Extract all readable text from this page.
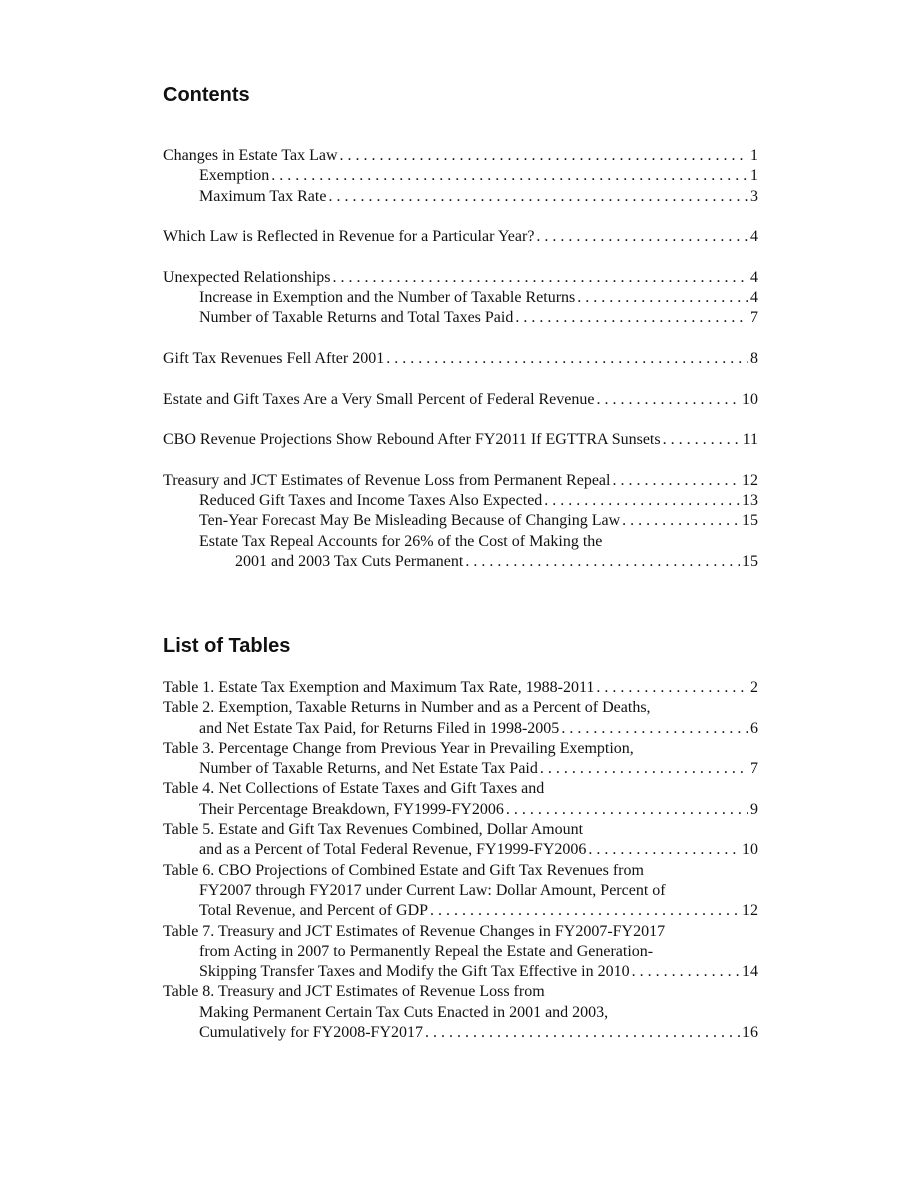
Contents
Changes in Estate Tax Law . . .	1
Exemption . . .	1
Maximum Tax Rate . . .	3
Which Law is Reflected in Revenue for a Particular Year? . . .	4
Unexpected Relationships . . .	4
Increase in Exemption and the Number of Taxable Returns . . .	4
Number of Taxable Returns and Total Taxes Paid . . .	7
Gift Tax Revenues Fell After 2001 . . .	8
Estate and Gift Taxes Are a Very Small Percent of Federal Revenue . . .	10
CBO Revenue Projections Show Rebound After FY2011 If EGTTRA Sunsets . . .	11
Treasury and JCT Estimates of Revenue Loss from Permanent Repeal . . .	12
Reduced Gift Taxes and Income Taxes Also Expected . . .	13
Ten-Year Forecast May Be Misleading Because of Changing Law . . .	15
Estate Tax Repeal Accounts for 26% of the Cost of Making the
2001 and 2003 Tax Cuts Permanent . . .	15
List of Tables
Table 1. Estate Tax Exemption and Maximum Tax Rate, 1988-2011 . . .	2
Table 2. Exemption, Taxable Returns in Number and as a Percent of Deaths,
and Net Estate Tax Paid, for Returns Filed in 1998-2005 . . .	6
Table 3. Percentage Change from Previous Year in Prevailing Exemption,
Number of Taxable Returns, and Net Estate Tax Paid . . .	7
Table 4. Net Collections of Estate Taxes and Gift Taxes and
Their Percentage Breakdown, FY1999-FY2006 . . .	9
Table 5. Estate and Gift Tax Revenues Combined, Dollar Amount
and as a Percent of Total Federal Revenue, FY1999-FY2006 . . .	10
Table 6. CBO Projections of Combined Estate and Gift Tax Revenues from
FY2007 through FY2017 under Current Law: Dollar Amount, Percent of
Total Revenue, and Percent of GDP . . .	12
Table 7. Treasury and JCT Estimates of Revenue Changes in FY2007-FY2017
from Acting in 2007 to Permanently Repeal the Estate and Generation-
Skipping Transfer Taxes and Modify the Gift Tax Effective in 2010 . . .	14
Table 8. Treasury and JCT Estimates of Revenue Loss from
Making Permanent Certain Tax Cuts Enacted in 2001 and 2003,
Cumulatively for FY2008-FY2017 . . .	16
